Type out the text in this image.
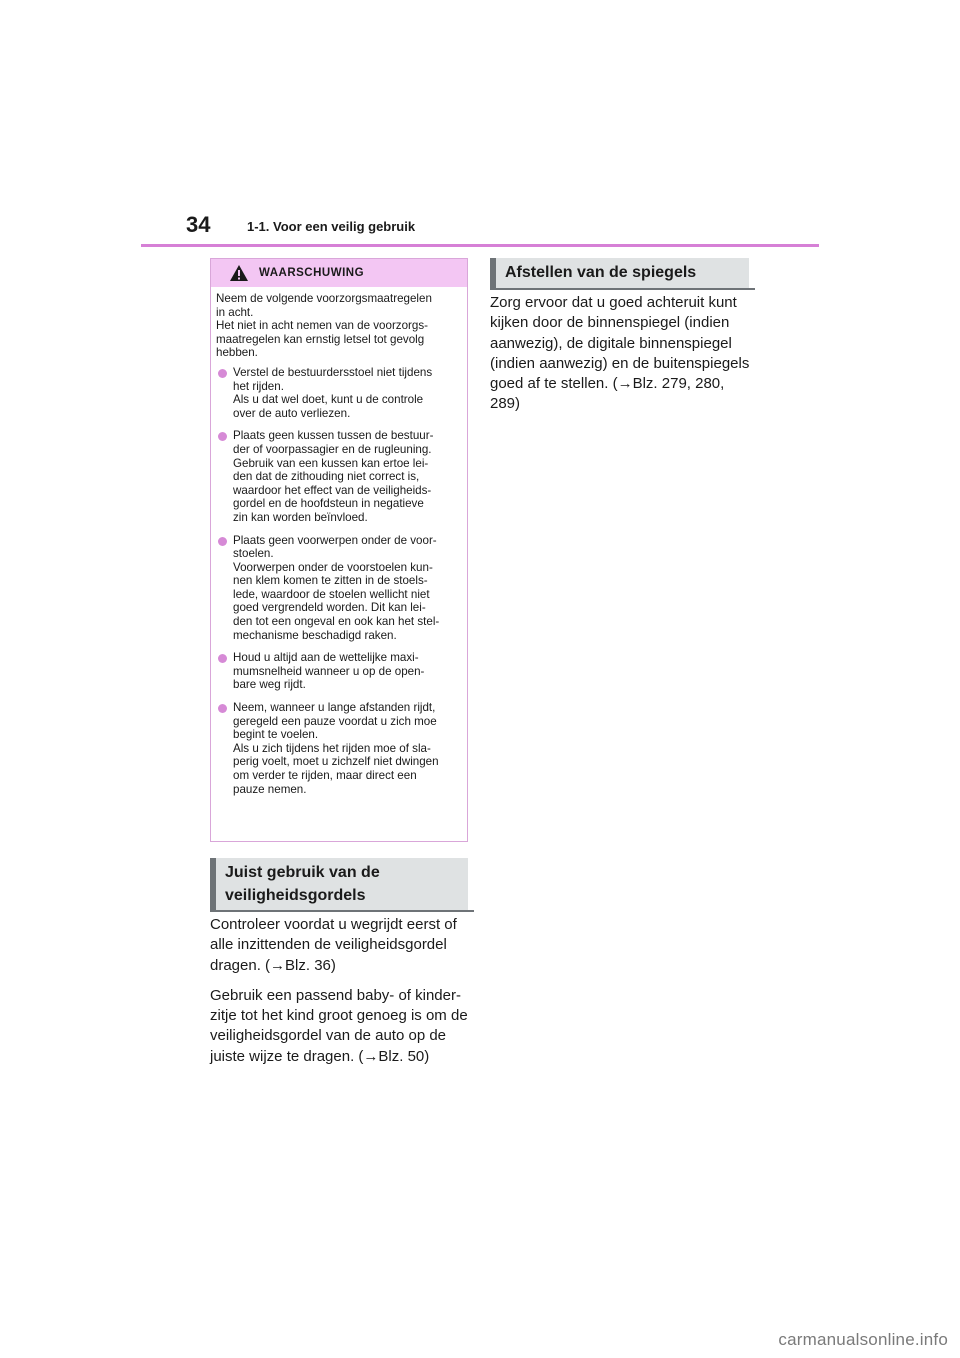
34	1-1. Voor een veilig gebruik
WAARSCHUWING

Neem de volgende voorzorgsmaatregelen
in acht.
Het niet in acht nemen van de voorzorgs-
maatregelen kan ernstig letsel tot gevolg
hebben.

Verstel de bestuurdersstoel niet tijdens
het rijden.
Als u dat wel doet, kunt u de controle
over de auto verliezen.

Plaats geen kussen tussen de bestuur-
der of voorpassagier en de rugleuning.
Gebruik van een kussen kan ertoe lei-
den dat de zithouding niet correct is,
waardoor het effect van de veiligheids-
gordel en de hoofdsteun in negatieve
zin kan worden beïnvloed.

Plaats geen voorwerpen onder de voor-
stoelen.
Voorwerpen onder de voorstoelen kun-
nen klem komen te zitten in de stoels-
lede, waardoor de stoelen wellicht niet
goed vergrendeld worden. Dit kan lei-
den tot een ongeval en ook kan het stel-
mechanisme beschadigd raken.

Houd u altijd aan de wettelijke maxi-
mumsnelheid wanneer u op de open-
bare weg rijdt.

Neem, wanneer u lange afstanden rijdt,
geregeld een pauze voordat u zich moe
begint te voelen.
Als u zich tijdens het rijden moe of sla-
perig voelt, moet u zichzelf niet dwingen
om verder te rijden, maar direct een
pauze nemen.

Juist gebruik van de
veiligheidsgordels

Controleer voordat u wegrijdt eerst of
alle inzittenden de veiligheidsgordel
dragen. (→Blz. 36)

Gebruik een passend baby- of kinder-
zitje tot het kind groot genoeg is om de
veiligheidsgordel van de auto op de
juiste wijze te dragen. (→Blz. 50)

Afstellen van de spiegels

Zorg ervoor dat u goed achteruit kunt
kijken door de binnenspiegel (indien
aanwezig), de digitale binnenspiegel
(indien aanwezig) en de buitenspiegels
goed af te stellen. (→Blz. 279, 280,
289)

carmanualsonline.info
